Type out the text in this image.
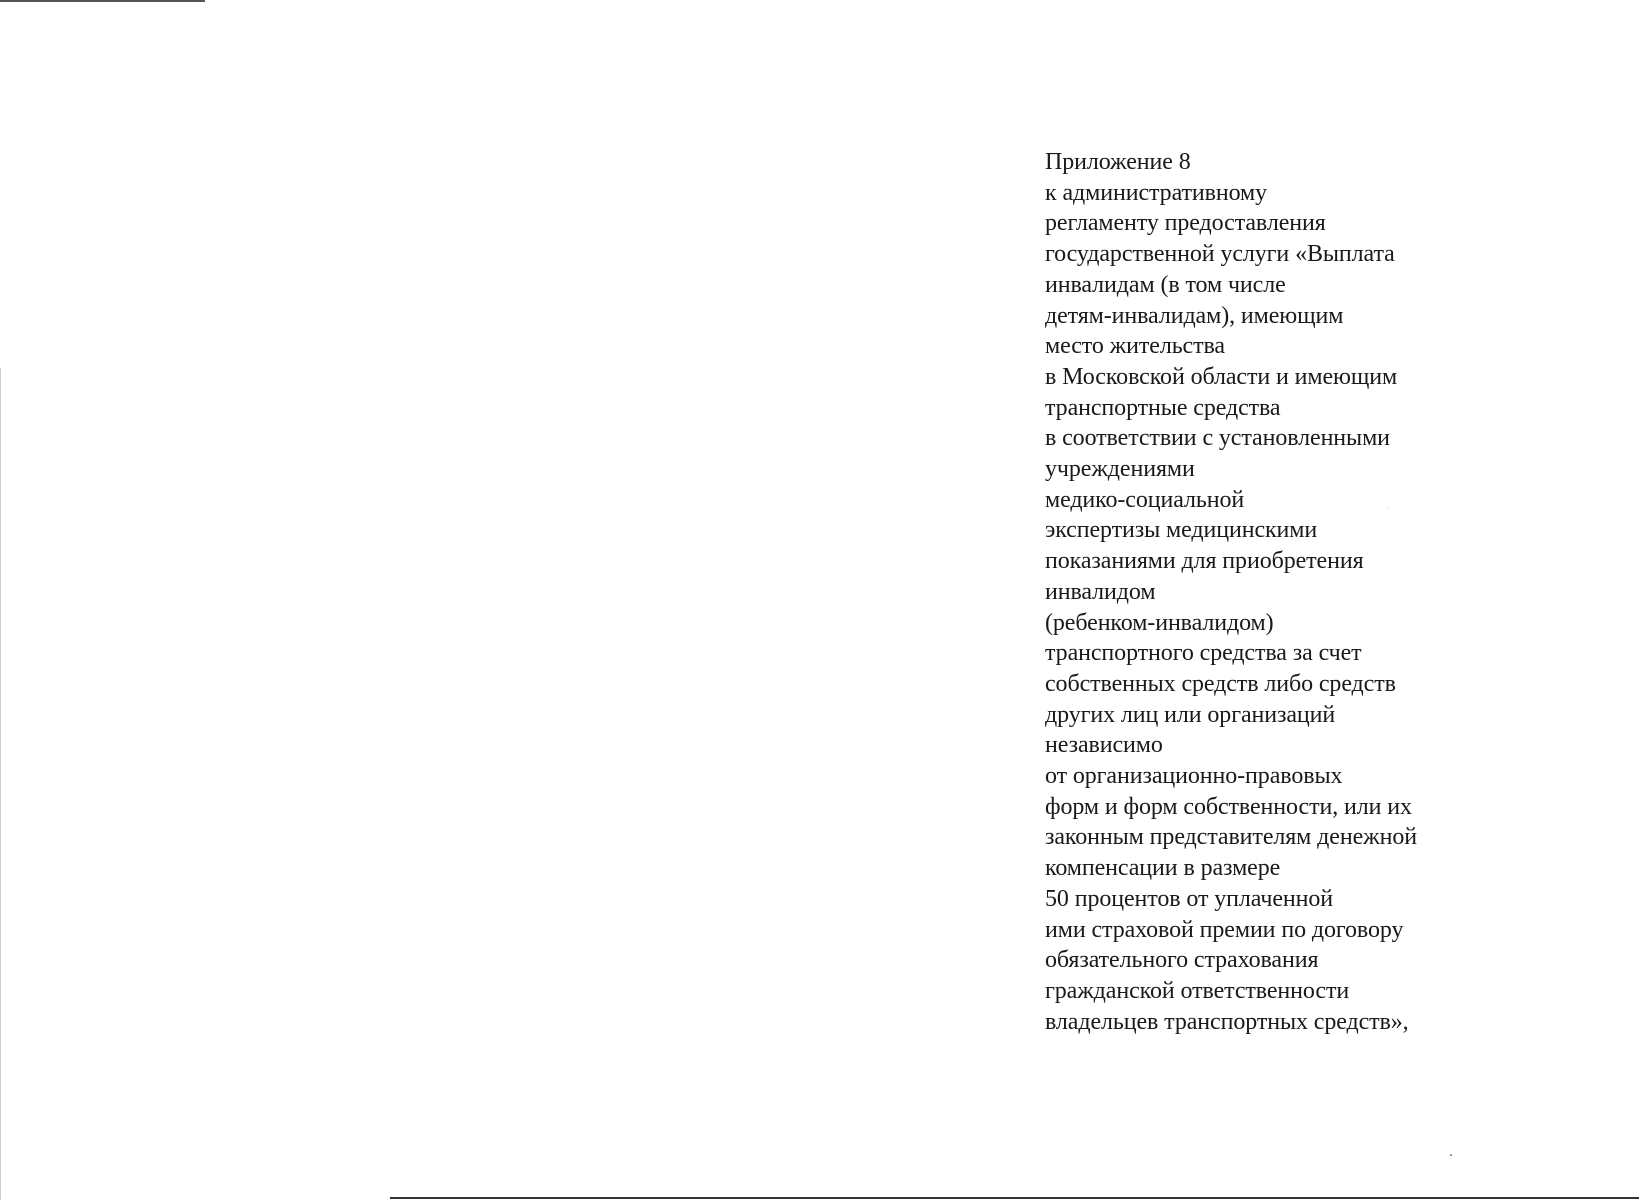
Приложение 8
к административному
регламенту предоставления
государственной услуги «Выплата
инвалидам (в том числе
детям-инвалидам), имеющим
место жительства
в Московской области и имеющим
транспортные средства
в соответствии с установленными
учреждениями
медико-социальной
экспертизы медицинскими
показаниями для приобретения
инвалидом
(ребенком-инвалидом)
транспортного средства за счет
собственных средств либо средств
других лиц или организаций
независимо
от организационно-правовых
форм и форм собственности, или их
законным представителям денежной
компенсации в размере
50 процентов от уплаченной
ими страховой премии по договору
обязательного страхования
гражданской ответственности
владельцев транспортных средств»,
